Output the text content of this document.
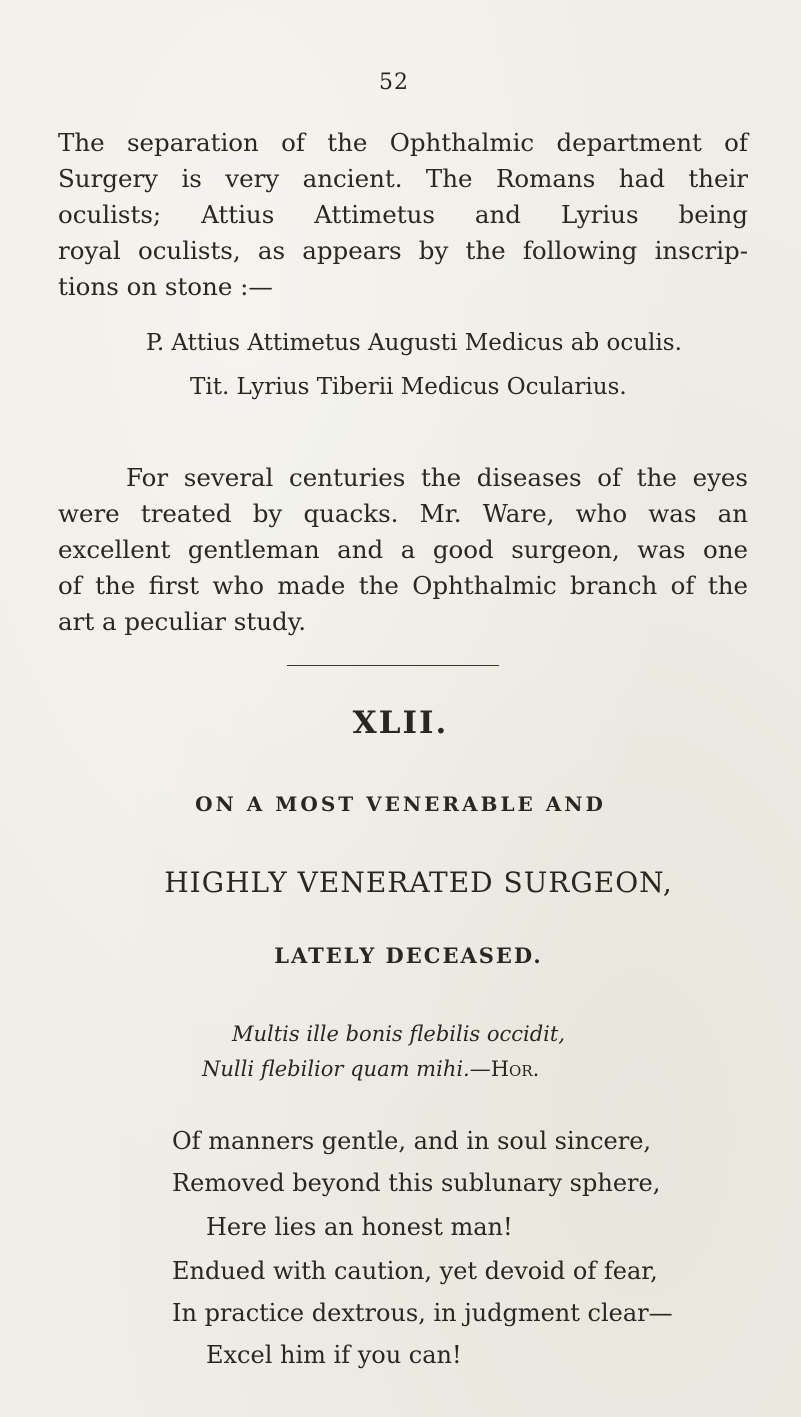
52

The separation of the Ophthalmic department of
Surgery is very ancient. The Romans had their
oculists; Attius Attimetus and Lyrius being
royal oculists, as appears by the following inscrip-
tions on stone :—

P. Attius Attimetus Augusti Medicus ab oculis.
Tit. Lyrius Tiberii Medicus Ocularius.

For several centuries the diseases of the eyes
were treated by quacks. Mr. Ware, who was an
excellent gentleman and a good surgeon, was one
of the first who made the Ophthalmic branch of the
art a peculiar study.

XLII.
ON A MOST VENERABLE AND
HIGHLY VENERATED SURGEON,
LATELY DECEASED.
Multis ille bonis flebilis occidit,
Nulli flebilior quam mihi.—Hor.
Of manners gentle, and in soul sincere,
Removed beyond this sublunary sphere,
Here lies an honest man!
Endued with caution, yet devoid of fear,
In practice dextrous, in judgment clear—
Excel him if you can!
